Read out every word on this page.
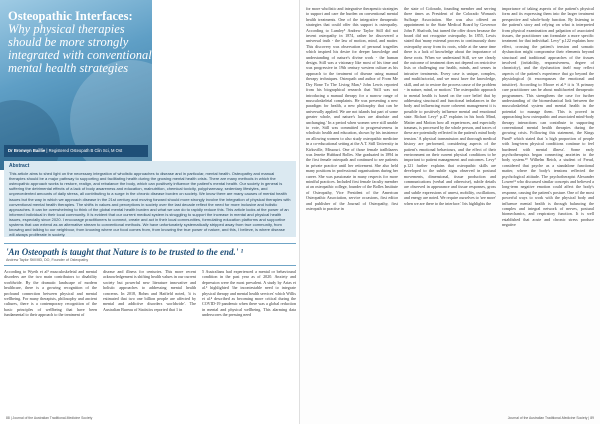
Osteopathic Interfaces:
Why physical therapies should be more strongly integrated with conventional mental health strategies
Dr Bronwyn Baillie | Registered Osteopath B Clin Sci, M Ost
Abstract
This article aims to shed light on the necessary integration of wholistic approaches to disease and in particular, mental health. Osteopathy and manual therapies should be a major pathway to supporting and facilitating health during the growing mental health crisis. There are many methods in which the osteopathic approach works to restore, realign, and rebalance the body, which can positively influence the patient's mental health. Our society in general is suffering the detrimental effects of a lack of body awareness and education, malnutrition, chemical toxicity, polypharmacy, sedentary lifestyles, and unprecedented amounts of daily stress, all contributing to a surge in the chronic disease burden on society. We know there are many causes of mental health issues but the way in which we approach disease in the 21st century and moving forward should more strongly involve the integration of physical therapies with conventional mental health therapies. The shifts in values and perceptions in society over the last decade reflect the need for more inclusive and holistic approaches. It can be overwhelming to think of the global mental health burden and what we can do to rapidly reduce this. This article looks at the power of an informed individual in their local community. It is evident that our current medical system is struggling to support the increase in mental and physical health issues, especially since 2020. I encourage practitioners to connect, create and act in their local communities, formulating education platforms and supportive systems that can extend as an alternative stream to conventional methods. We have unfortunately systematically stripped away from true community, from knowing and talking to our neighbour, from knowing where our food comes from, from knowing the true power of nature, and this, I believe, is where disease will always proliferate in society.
'An Osteopath is taught that Nature is to be trusted to the end.' ¹
Andrew Taylor Still MD, DO, Founder of Osteopathy

According to Wyeth et al¹ musculoskeletal and mental disorders are the two main contributors to disability worldwide. By the dramatic landscape of modern healthcare, there is a growing recognition of the profound connection between physical and mental wellbeing. For many therapists, philosophy and ancient cultures, there is a contemporary recognition of the basic principles of wellbeing that have been fundamental to their approach to the treatment of

disease and illness for centuries. This more recent acknowledgement is shifting health values in our current society but powerful new literature innovative and holistic approaches to addressing mental health concerns. In 2018, Bohm and Hatfield noted, 'it is estimated that two one billion people are affected by mental and addictive disorders worldwide'. The Australian Bureau of Statistics reported that 1 in

5 Australians had experienced a mental or behavioural condition in the past year as of 2020. Anxiety and depression were the most prevalent. A study by Arias et al.³ highlighted 'the incontestable need to integrate physical therapy and mental health services' which Willis et al.⁴ described as becoming more critical during the COVID-19 pandemic when there was a global reduction in mental and physical wellbeing. This alarming data underscores the pressing need

88 | Journal of the Australian Traditional-Medicine Society

for more wholistic and integrative therapeutic strategies to support and care the burden on conventional mental health treatments. One of the integrative therapeutic strategies that could offer this support is osteopathy. According to Lumley⁵ Andrew Taylor Still did not invent osteopathy in 1874, rather he discovered a universal truth - the law of motion, mind, and matter. This discovery was observation of personal tragedies which inspired his desire for deeper knowledge and understanding of nature's divine work - the human design. Still was a visionary like most of his time and was progressive in 19th century western culture as his approach to the treatment of disease using manual therapy techniques. Osteopath and author of From Me Dry Bone To The Living Man,⁶ John Lewis reported from his biographical research that 'Still was not introducing a manual therapy for a narrow range of musculoskeletal complaints. He was presenting a new paradigm for health, a new philosophy that can be universally applied. We are not islands but part of some greater whole, and nature's laws are absolute and unchanging.' In a period when women were still unable to vote, Still was committed to progressiveness in wholistic health and education, shown by his insistence on allowing women to also study osteopathic medicine in a co-educational setting at the A.T. Still University in Kirksville, Missouri. One of those female trailblazers was Jenette Hubbard Bolles. She graduated in 1894 in the first female osteopath and continued to see patients in private practice until her retirement. She also held many positions in professional organisations during her career. She was passionate in many respects for more mindful practices. Included first female faculty member at an osteopathic college, founder of the Bolles Institute of Osteopathy, Vice President of the American Osteopathic Association, service occasions, first editor and publisher of the Journal of Osteopathy, first osteopath to practise in

the state of Colorado, founding member and serving three times as President of the Colorado Woman's Suffrage Association. She was also offered an appointment to the State Medical Board by Governor John F. Shafroth, but turned the offer down because the board did not recognise osteopathy. In 1855, Lewis stated that 'many external process to continuously draw osteopathy away from its roots, while at the same time there is a lack of knowledge about the importance of these roots. When we understand Still, we see clearly the outcome of treatment does not depend on restrictive lists or challenging our health, minds, and senses in intrusive treatments. Every case is unique, complex, and multifactorial, and we must have the knowledge, skill, and art to restore the process cause of the problem - in nature, mind, or motion.' The osteopathic approach to mental health is based on the core belief that by addressing structural and functional imbalances in the body and influencing more coherent management it is possible to positively influence mental and emotional state. Richart Levy⁷ p.47 explains in his book Mind, Matter and Motion how all experiences, and especially traumas, is processed by the whole person, and traces of these are potentially reflected in the patient's mind body tension.' A physical transmission and thorough medical history are performed, considering aspects of the patient's emotional behaviours, and the effect of their environment on their current physical conditions to be important to patient management and outcomes. Levy⁷ p.121 further explains that osteopathic skills are developed to the subtle signs observed in postural movements, dimensional, tissue production and communications (verbal and otherwise), subtle details are observed in appearance and tissue responses, gross and subtle expressions of unrest, mobility, oscillations, and energy are noted. We require ourselves to 'see more' when we are there to the interface.' Iris highlights the

importance of taking aspects of the patient's physical form and its expressing them into the larger treatment perspective and whole-body function. By listening to the patient's story and relying on what is interpreted from physical examination and palpation of associated tissues, the practitioner can formulate a more specific treatment for that individual. Levy⁷ p.122 explains how effect, crossing the patient's tension and somatic dysfunction might compromise their elements beyond structural and traditional approaches of the tissues involved (irritability, responsiveness, degree of chronicity), and the dysfunction itself may reflect aspects of the patient's experience that go beyond the physiological (it encompasses the emotional and intuitive). According to Moore et al.⁸ it is 'A primary care practitioner can be about multifaceted therapeutic programmes. This strengthens the case for further understanding of the biomechanical link between the musculoskeletal system and mental health in the potential to manage them. This is proved in approaching how osteopathic and associated mind-body therapy interactions can contribute to supporting conventional mental health therapies during the growing crisis. Following this statement, the Kings Fund⁹ which stated that 'a high proportion of people with long-term physical conditions continue to feel burdened with mental illness'. Some early psychotherapists began connecting anxieties to the body system.¹⁰ Wilhelm Reich, a student of Freud, considered that psyche as a standalone functional matter, where the body's tensions reflected the psychological attitude. The psychotherapist Alexander Lowen¹¹ who discussed similar concepts and believed a long-term negative emotion could affect the body's response, causing the patient's posture. One of the most powerful ways to work with the physical body and influence mental health is through balancing the complex and integral network of nerves, postural biomechanics, and respiratory function. It is well established that acute and chronic stress produce negative

Journal of the Australian Traditional-Medicine Society | 89
